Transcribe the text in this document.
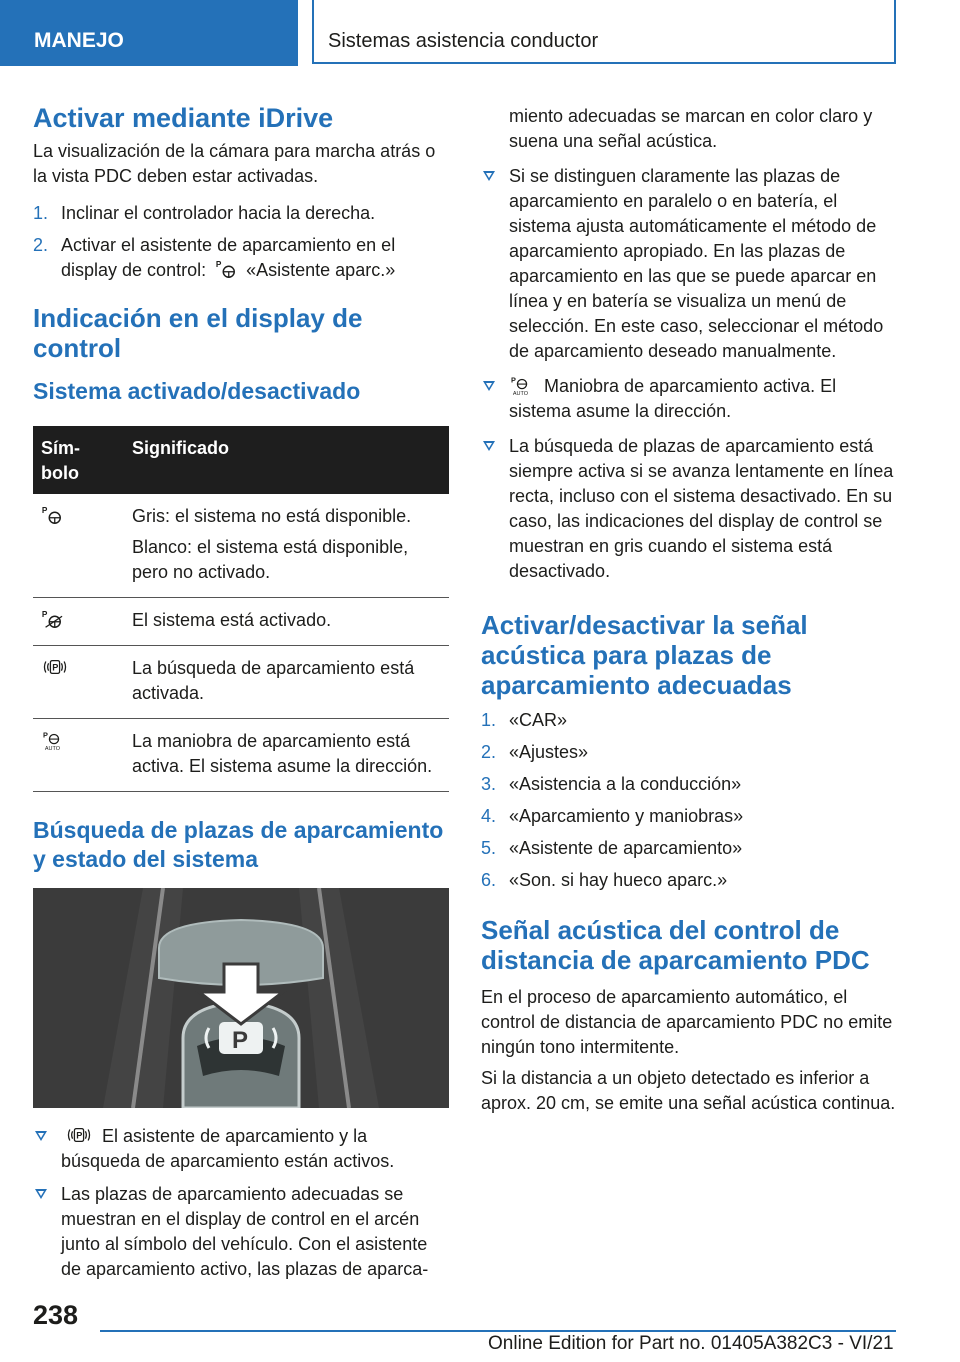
MANEJO	Sistemas asistencia conductor
Activar mediante iDrive

La visualización de la cámara para marcha atrás o la vista PDC deben estar activadas.

1. Inclinar el controlador hacia la derecha.
2. Activar el asistente de aparcamiento en el display de control: P «Asistente aparc.»
Indicación en el display de control
Sistema activado/desactivado
Sím-bolo	Significado

P	Gris: el sistema no está disponible.

Blanco: el sistema está disponible, pero no activado.

P	El sistema está activado.

P	La búsqueda de aparcamiento está activada.

P
AUTO	La maniobra de aparcamiento está activa. El sistema asume la dirección.

Búsqueda de plazas de aparcamiento y estado del sistema
P
P El asistente de aparcamiento y la búsqueda de aparcamiento están activos.
Las plazas de aparcamiento adecuadas se muestran en el display de control en el arcén junto al símbolo del vehículo. Con el asistente de aparcamiento activo, las plazas de aparca-

miento adecuadas se marcan en color claro y suena una señal acústica.

Si se distinguen claramente las plazas de aparcamiento en paralelo o en batería, el sistema ajusta automáticamente el método de aparcamiento apropiado. En las plazas de aparcamiento en las que se puede aparcar en línea y en batería se visualiza un menú de selección. En este caso, seleccionar el método de aparcamiento deseado manualmente.
P
AUTO Maniobra de aparcamiento activa. El sistema asume la dirección.
La búsqueda de plazas de aparcamiento está siempre activa si se avanza lentamente en línea recta, incluso con el sistema desactivado. En su caso, las indicaciones del display de control se muestran en gris cuando el sistema está desactivado.
Activar/desactivar la señal acústica para plazas de aparcamiento adecuadas
1. «CAR»
2. «Ajustes»
3. «Asistencia a la conducción»
4. «Aparcamiento y maniobras»
5. «Asistente de aparcamiento»
6. «Son. si hay hueco aparc.»
Señal acústica del control de distancia de aparcamiento PDC

En el proceso de aparcamiento automático, el control de distancia de aparcamiento PDC no emite ningún tono intermitente.

Si la distancia a un objeto detectado es inferior a aprox. 20 cm, se emite una señal acústica continua.

238
Online Edition for Part no. 01405A382C3 - VI/21
